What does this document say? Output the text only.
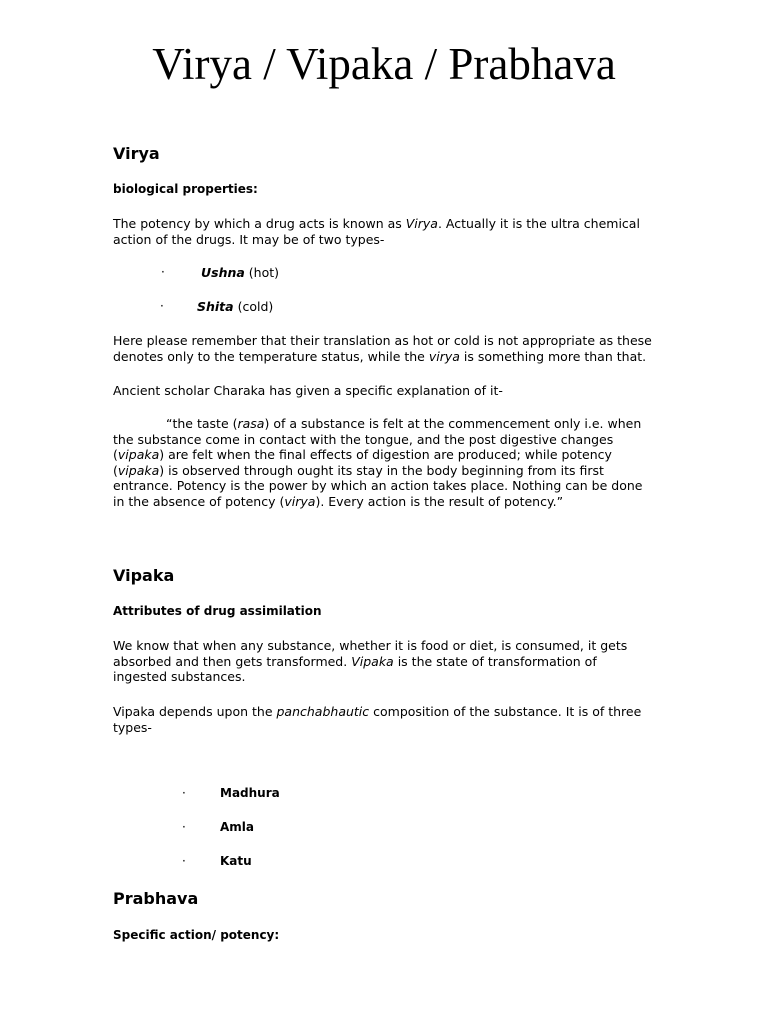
Virya / Vipaka / Prabhava
Virya
biological properties:
The potency by which a drug acts is known as Virya. Actually it is the ultra chemical action of the drugs. It may be of two types-
·	Ushna (hot)
·	Shita (cold)
Here please remember that their translation as hot or cold is not appropriate as these denotes only to the temperature status, while the virya is something more than that.
Ancient scholar Charaka has given a specific explanation of it-
“the taste (rasa) of a substance is felt at the commencement only i.e. when the substance come in contact with the tongue, and the post digestive changes (vipaka) are felt when the final effects of digestion are produced; while potency (vipaka) is observed through ought its stay in the body beginning from its first entrance. Potency is the power by which an action takes place. Nothing can be done in the absence of potency (virya). Every action is the result of potency.”
Vipaka
Attributes of drug assimilation
We know that when any substance, whether it is food or diet, is consumed, it gets absorbed and then gets transformed. Vipaka is the state of transformation of ingested substances.
Vipaka depends upon the panchabhautic composition of the substance. It is of three types-
·	Madhura
·	Amla
·	Katu
Prabhava
Specific action/ potency:
